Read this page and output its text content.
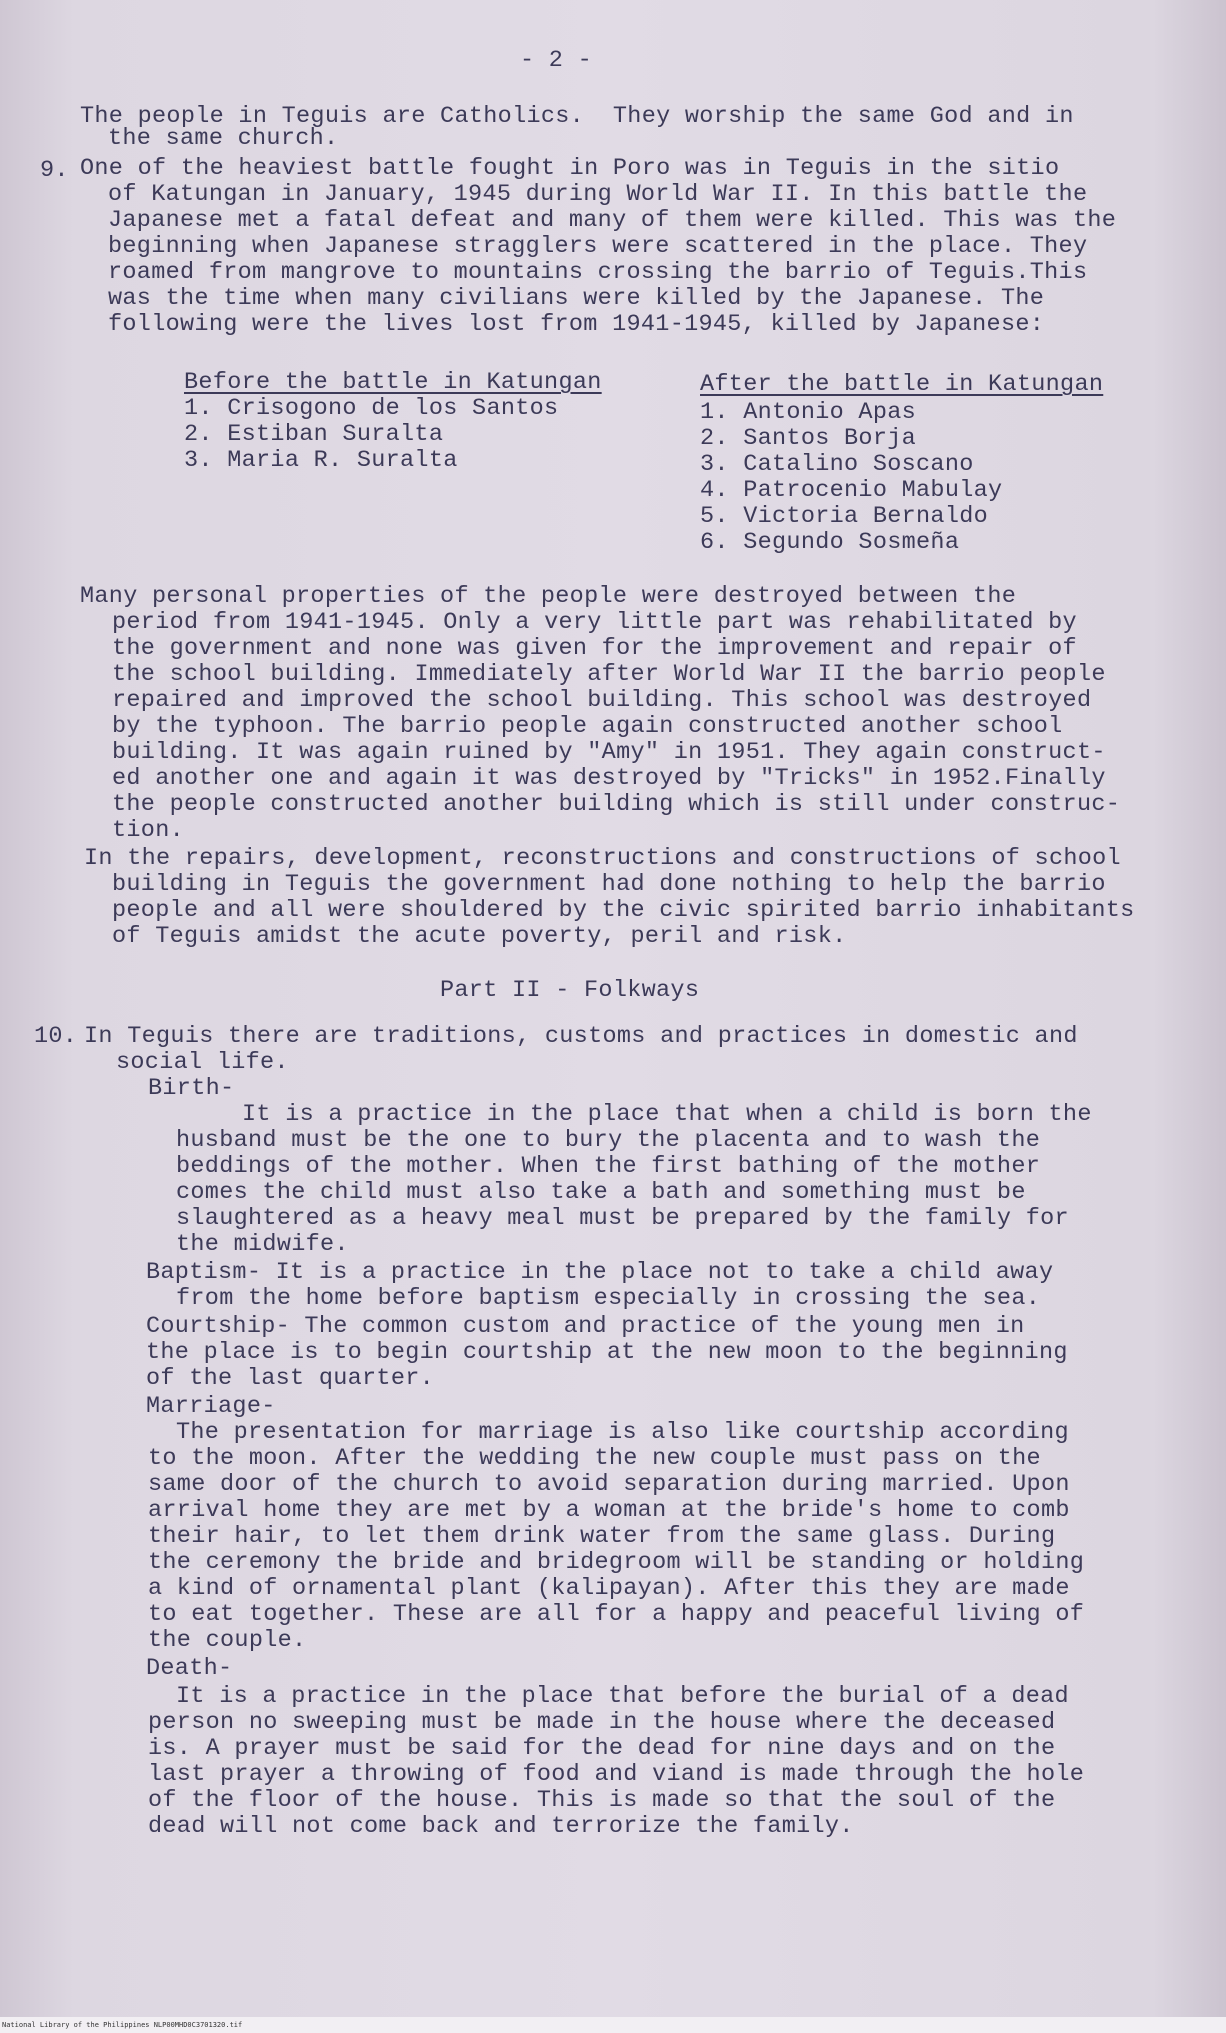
- 2 -
The people in Teguis are Catholics.  They worship the same God and in
the same church.
9. One of the heaviest battle fought in Poro was in Teguis in the sitio
of Katungan in January, 1945 during World War II. In this battle the
Japanese met a fatal defeat and many of them were killed. This was the
beginning when Japanese stragglers were scattered in the place. They
roamed from mangrove to mountains crossing the barrio of Teguis.This
was the time when many civilians were killed by the Japanese. The
following were the lives lost from 1941-1945, killed by Japanese:
Before the battle in Katungan
1. Crisogono de los Santos
2. Estiban Suralta
3. Maria R. Suralta
After the battle in Katungan
1. Antonio Apas
2. Santos Borja
3. Catalino Soscano
4. Patrocenio Mabulay
5. Victoria Bernaldo
6. Segundo Sosmeña
Many personal properties of the people were destroyed between the
period from 1941-1945. Only a very little part was rehabilitated by
the government and none was given for the improvement and repair of
the school building. Immediately after World War II the barrio people
repaired and improved the school building. This school was destroyed
by the typhoon. The barrio people again constructed another school
building. It was again ruined by "Amy" in 1951. They again construct-
ed another one and again it was destroyed by "Tricks" in 1952.Finally
the people constructed another building which is still under construc-
tion.
In the repairs, development, reconstructions and constructions of school
building in Teguis the government had done nothing to help the barrio
people and all were shouldered by the civic spirited barrio inhabitants
of Teguis amidst the acute poverty, peril and risk.
Part II - Folkways
10. In Teguis there are traditions, customs and practices in domestic and
social life.
Birth-
It is a practice in the place that when a child is born the
husband must be the one to bury the placenta and to wash the
beddings of the mother. When the first bathing of the mother
comes the child must also take a bath and something must be
slaughtered as a heavy meal must be prepared by the family for
the midwife.
Baptism- It is a practice in the place not to take a child away
from the home before baptism especially in crossing the sea.
Courtship- The common custom and practice of the young men in
the place is to begin courtship at the new moon to the beginning
of the last quarter.
Marriage-
The presentation for marriage is also like courtship according
to the moon. After the wedding the new couple must pass on the
same door of the church to avoid separation during married. Upon
arrival home they are met by a woman at the bride's home to comb
their hair, to let them drink water from the same glass. During
the ceremony the bride and bridegroom will be standing or holding
a kind of ornamental plant (kalipayan). After this they are made
to eat together. These are all for a happy and peaceful living of
the couple.
Death-
It is a practice in the place that before the burial of a dead
person no sweeping must be made in the house where the deceased
is. A prayer must be said for the dead for nine days and on the
last prayer a throwing of food and viand is made through the hole
of the floor of the house. This is made so that the soul of the
dead will not come back and terrorize the family.
National Library of the Philippines NLP00MHD0C3701320.tif
